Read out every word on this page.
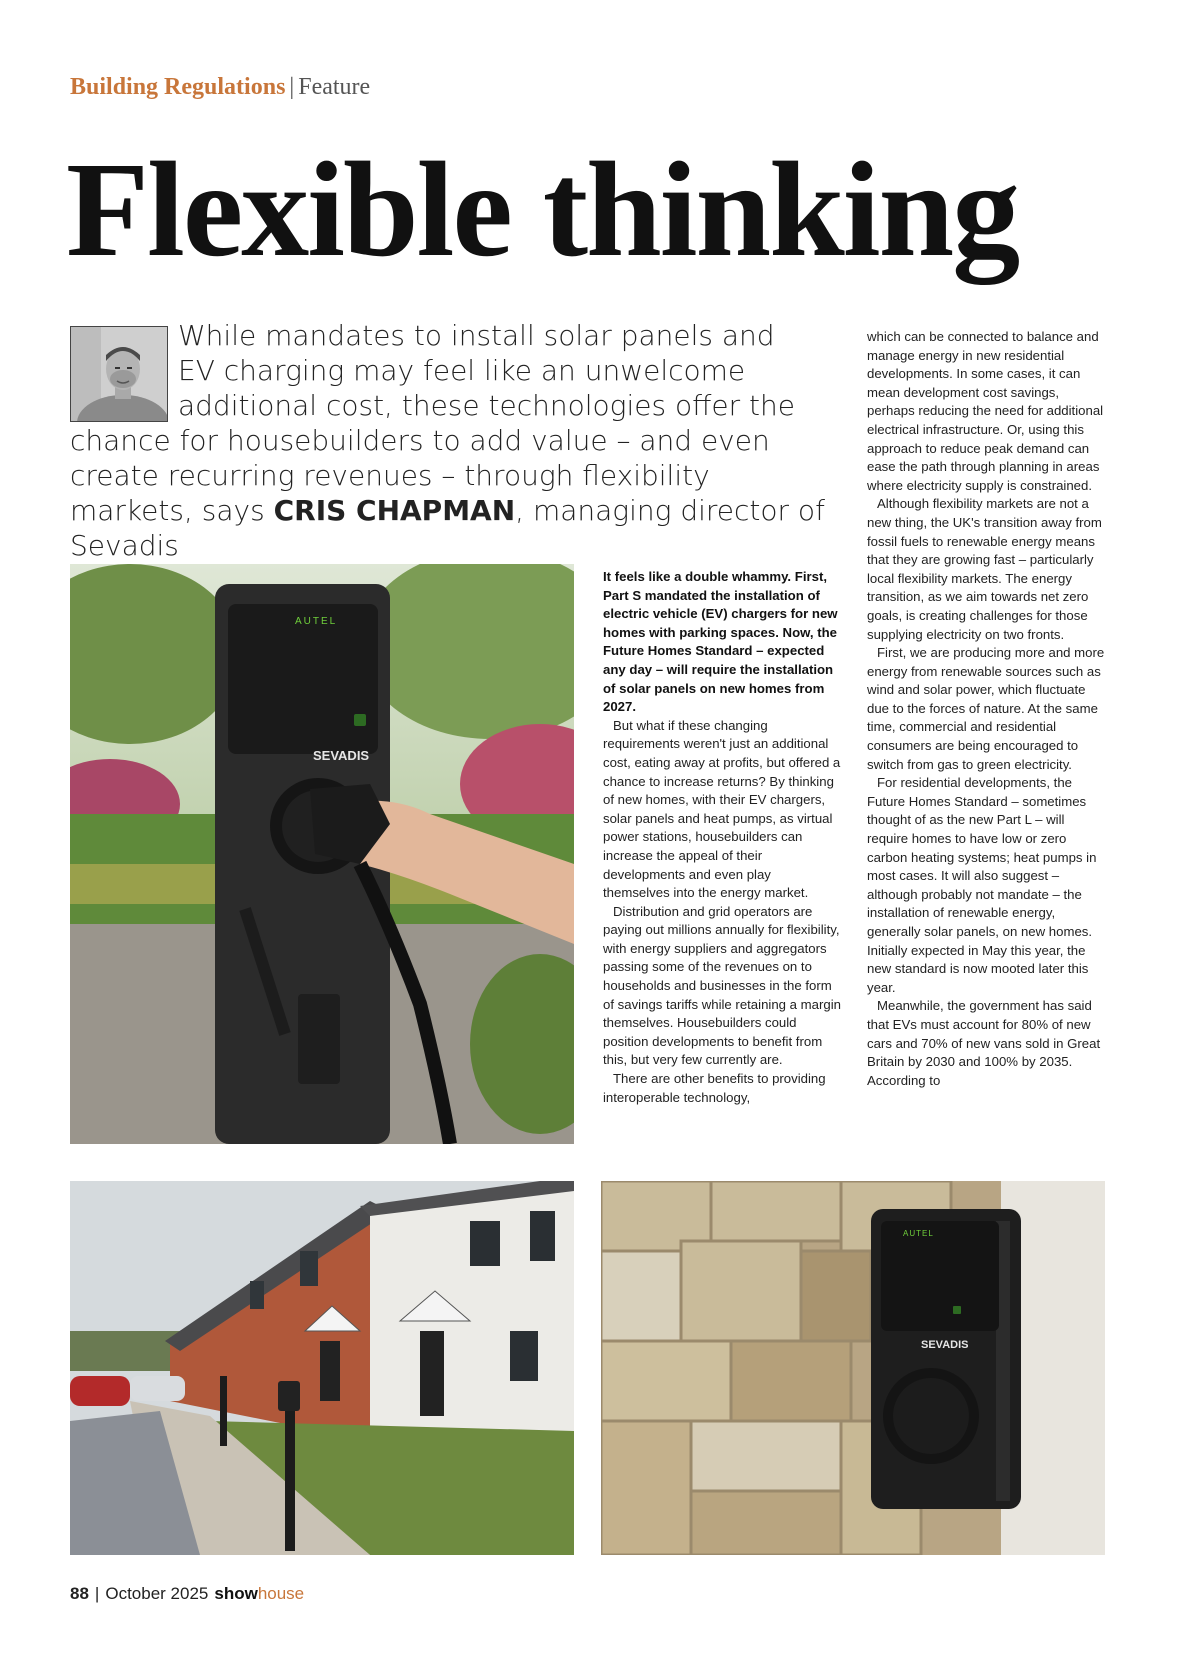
Building Regulations | Feature
Flexible thinking
While mandates to install solar panels and
EV charging may feel like an unwelcome
additional cost, these technologies offer the
chance for housebuilders to add value – and even create recurring revenues – through flexibility markets, says CRIS CHAPMAN, managing director of Sevadis
AUTEL
SEVADIS

It feels like a double whammy. First, Part S mandated the installation of electric vehicle (EV) chargers for new homes with parking spaces. Now, the Future Homes Standard – expected any day – will require the installation of solar panels on new homes from 2027.

But what if these changing requirements weren't just an additional cost, eating away at profits, but offered a chance to increase returns? By thinking of new homes, with their EV chargers, solar panels and heat pumps, as virtual power stations, housebuilders can increase the appeal of their developments and even play themselves into the energy market.

Distribution and grid operators are paying out millions annually for flexibility, with energy suppliers and aggregators passing some of the revenues on to households and businesses in the form of savings tariffs while retaining a margin themselves. Housebuilders could position developments to benefit from this, but very few currently are.

There are other benefits to providing interoperable technology,

which can be connected to balance and manage energy in new residential developments. In some cases, it can mean development cost savings, perhaps reducing the need for additional electrical infrastructure. Or, using this approach to reduce peak demand can ease the path through planning in areas where electricity supply is constrained.

Although flexibility markets are not a new thing, the UK's transition away from fossil fuels to renewable energy means that they are growing fast – particularly local flexibility markets. The energy transition, as we aim towards net zero goals, is creating challenges for those supplying electricity on two fronts.

First, we are producing more and more energy from renewable sources such as wind and solar power, which fluctuate due to the forces of nature. At the same time, commercial and residential consumers are being encouraged to switch from gas to green electricity.

For residential developments, the Future Homes Standard – sometimes thought of as the new Part L – will require homes to have low or zero carbon heating systems; heat pumps in most cases. It will also suggest – although probably not mandate – the installation of renewable energy, generally solar panels, on new homes. Initially expected in May this year, the new standard is now mooted later this year.

Meanwhile, the government has said that EVs must account for 80% of new cars and 70% of new vans sold in Great Britain by 2030 and 100% by 2035. According to

AUTEL
SEVADIS
88 | October 2025 showhouse
